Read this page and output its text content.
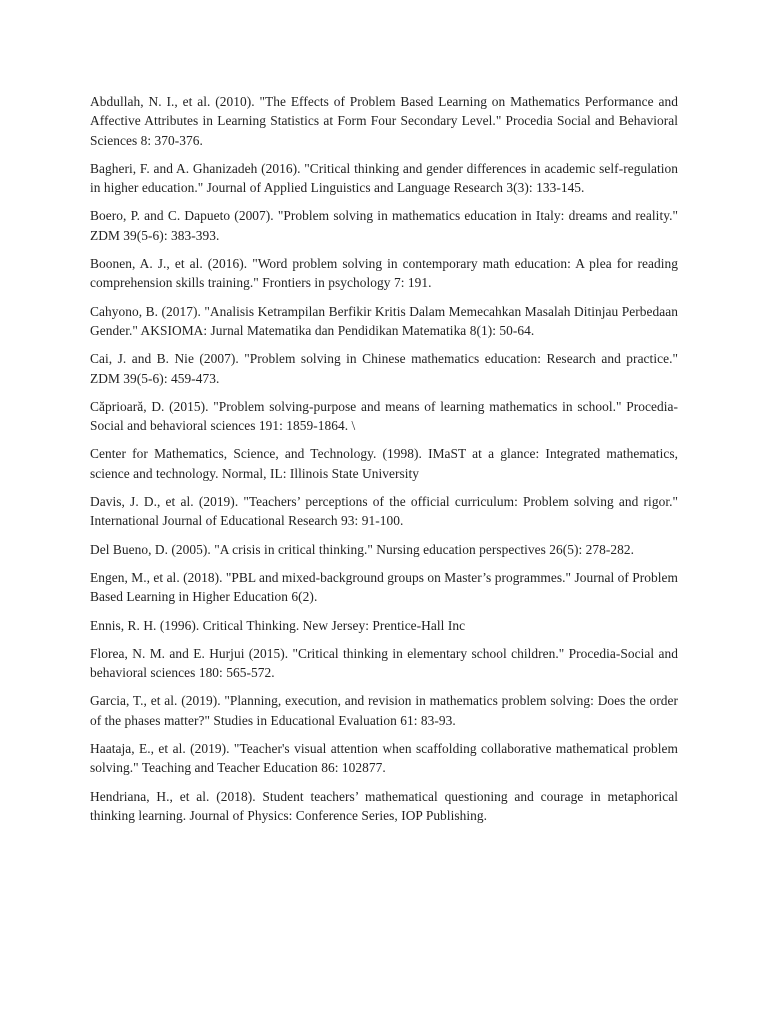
Abdullah, N. I., et al. (2010). "The Effects of Problem Based Learning on Mathematics Performance and Affective Attributes in Learning Statistics at Form Four Secondary Level." Procedia Social and Behavioral Sciences 8: 370-376.

Bagheri, F. and A. Ghanizadeh (2016). "Critical thinking and gender differences in academic self-regulation in higher education." Journal of Applied Linguistics and Language Research 3(3): 133-145.

Boero, P. and C. Dapueto (2007). "Problem solving in mathematics education in Italy: dreams and reality." ZDM 39(5-6): 383-393.

Boonen, A. J., et al. (2016). "Word problem solving in contemporary math education: A plea for reading comprehension skills training." Frontiers in psychology 7: 191.

Cahyono, B. (2017). "Analisis Ketrampilan Berfikir Kritis Dalam Memecahkan Masalah Ditinjau Perbedaan Gender." AKSIOMA: Jurnal Matematika dan Pendidikan Matematika 8(1): 50-64.

Cai, J. and B. Nie (2007). "Problem solving in Chinese mathematics education: Research and practice." ZDM 39(5-6): 459-473.

Căprioară, D. (2015). "Problem solving-purpose and means of learning mathematics in school." Procedia-Social and behavioral sciences 191: 1859-1864. \

Center for Mathematics, Science, and Technology. (1998). IMaST at a glance: Integrated mathematics, science and technology. Normal, IL: Illinois State University

Davis, J. D., et al. (2019). "Teachers’ perceptions of the official curriculum: Problem solving and rigor." International Journal of Educational Research 93: 91-100.

Del Bueno, D. (2005). "A crisis in critical thinking." Nursing education perspectives 26(5): 278-282.

Engen, M., et al. (2018). "PBL and mixed-background groups on Master’s programmes." Journal of Problem Based Learning in Higher Education 6(2).

Ennis, R. H. (1996). Critical Thinking. New Jersey: Prentice-Hall Inc

Florea, N. M. and E. Hurjui (2015). "Critical thinking in elementary school children." Procedia-Social and behavioral sciences 180: 565-572.

Garcia, T., et al. (2019). "Planning, execution, and revision in mathematics problem solving: Does the order of the phases matter?" Studies in Educational Evaluation 61: 83-93.

Haataja, E., et al. (2019). "Teacher's visual attention when scaffolding collaborative mathematical problem solving." Teaching and Teacher Education 86: 102877.

Hendriana, H., et al. (2018). Student teachers’ mathematical questioning and courage in metaphorical thinking learning. Journal of Physics: Conference Series, IOP Publishing.
